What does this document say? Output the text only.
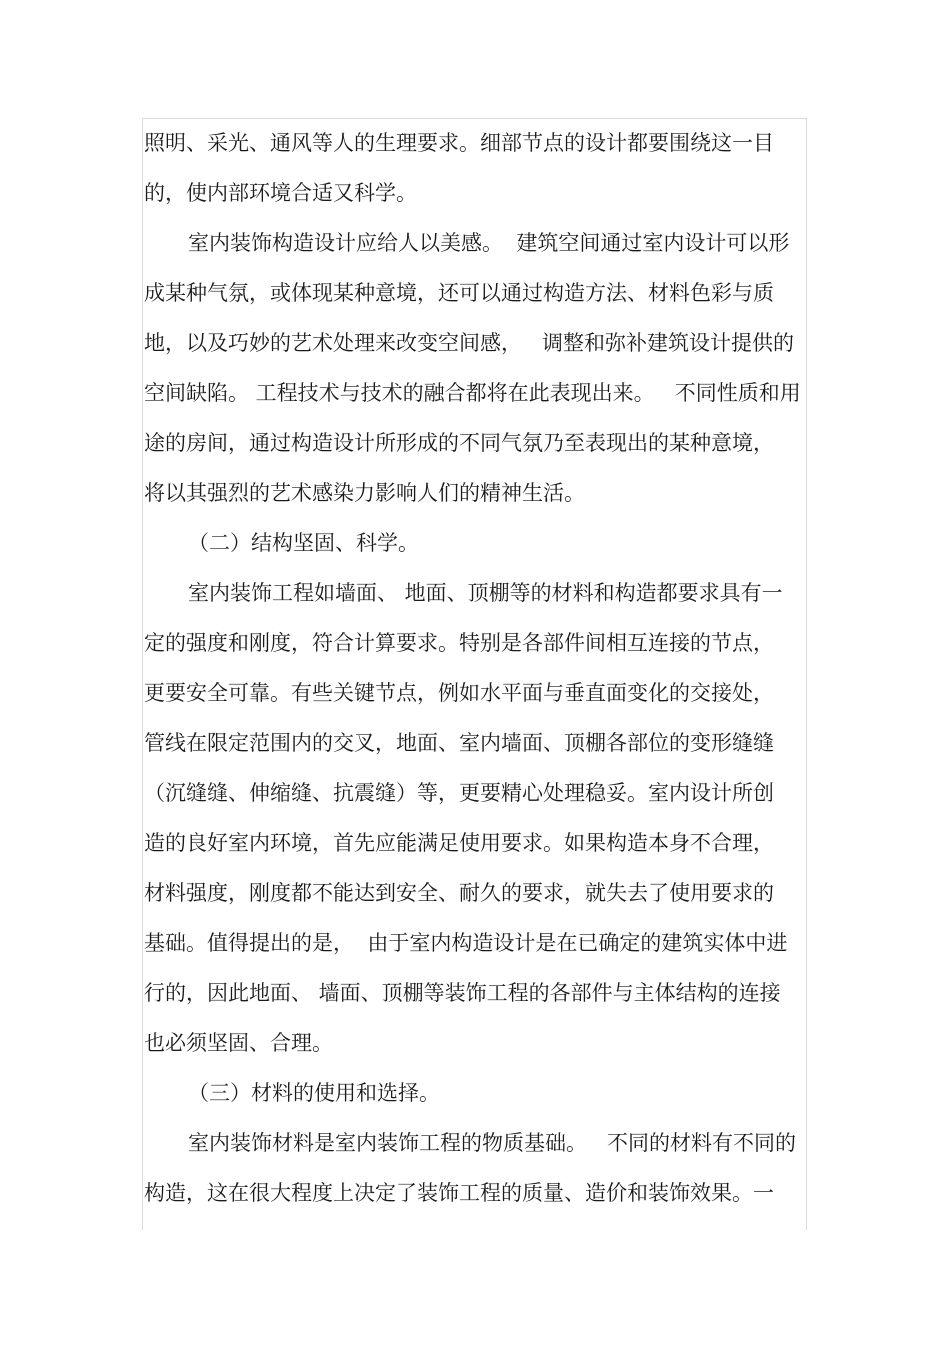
照明、采光、通风等人的生理要求。细部节点的设计都要围绕这一目
的，使内部环境合适又科学。
室内装饰构造设计应给人以美感。  建筑空间通过室内设计可以形
成某种气氛，或体现某种意境，还可以通过构造方法、材料色彩与质
地，以及巧妙的艺术处理来改变空间感，   调整和弥补建筑设计提供的
空间缺陷。 工程技术与技术的融合都将在此表现出来。   不同性质和用
途的房间，通过构造设计所形成的不同气氛乃至表现出的某种意境，
将以其强烈的艺术感染力影响人们的精神生活。
（二）结构坚固、科学。
室内装饰工程如墙面、 地面、顶棚等的材料和构造都要求具有一
定的强度和刚度，符合计算要求。特别是各部件间相互连接的节点，
更要安全可靠。有些关键节点，例如水平面与垂直面变化的交接处，
管线在限定范围内的交叉，地面、室内墙面、顶棚各部位的变形缝缝
（沉缝缝、伸缩缝、抗震缝）等，更要精心处理稳妥。室内设计所创
造的良好室内环境，首先应能满足使用要求。如果构造本身不合理，
材料强度，刚度都不能达到安全、耐久的要求，就失去了使用要求的
基础。值得提出的是，  由于室内构造设计是在已确定的建筑实体中进
行的，因此地面、 墙面、顶棚等装饰工程的各部件与主体结构的连接
也必须坚固、合理。
（三）材料的使用和选择。
室内装饰材料是室内装饰工程的物质基础。   不同的材料有不同的
构造，这在很大程度上决定了装饰工程的质量、造价和装饰效果。一
